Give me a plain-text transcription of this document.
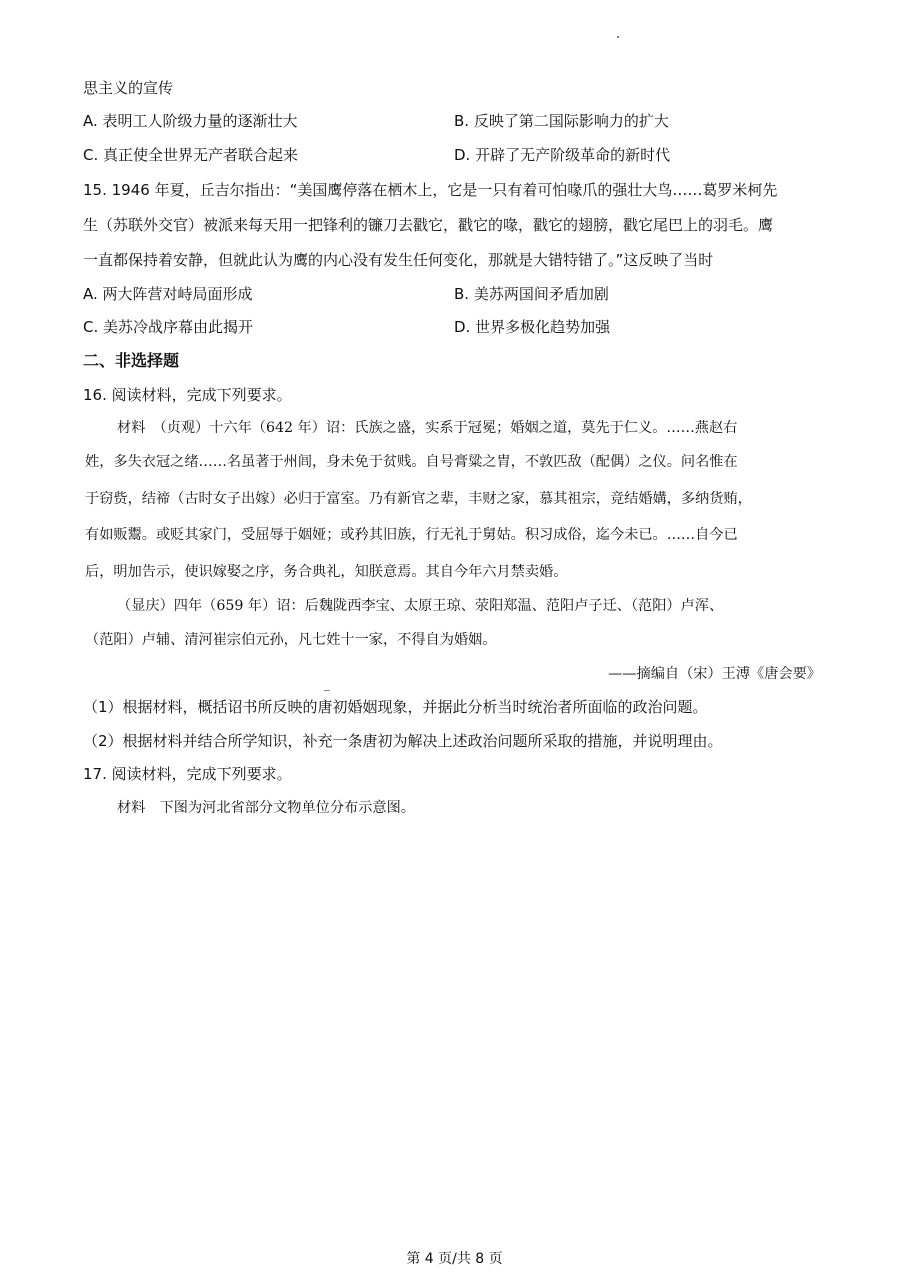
思主义的宣传
A. 表明工人阶级力量的逐渐壮大	B. 反映了第二国际影响力的扩大
C. 真正使全世界无产者联合起来	D. 开辟了无产阶级革命的新时代
15. 1946 年夏，丘吉尔指出：“美国鹰停落在栖木上，它是一只有着可怕喙爪的强壮大鸟……葛罗米柯先
生（苏联外交官）被派来每天用一把锋利的镰刀去戳它，戳它的喙，戳它的翅膀，戳它尾巴上的羽毛。鹰
一直都保持着安静，但就此认为鹰的内心没有发生任何变化，那就是大错特错了。”这反映了当时
A. 两大阵营对峙局面形成	B. 美苏两国间矛盾加剧
C. 美苏冷战序幕由此揭开	D. 世界多极化趋势加强
二、非选择题
16. 阅读材料，完成下列要求。
材料　（贞观）十六年（642 年）诏：氏族之盛，实系于冠冕；婚姻之道，莫先于仁义。……燕赵右
姓，多失衣冠之绪……名虽著于州闾，身未免于贫贱。自号膏粱之胄，不敦匹敌（配偶）之仪。问名惟在
于窃赀，结禘（古时女子出嫁）必归于富室。乃有新官之辈，丰财之家，慕其祖宗，竞结婚媾，多纳货贿，
有如贩鬻。或贬其家门，受屈辱于姻娅；或矜其旧族，行无礼于舅姑。积习成俗，迄今未已。……自今已
后，明加告示，使识嫁娶之序，务合典礼，知朕意焉。其自今年六月禁卖婚。
（显庆）四年（659 年）诏：后魏陇西李宝、太原王琼、荥阳郑温、范阳卢子迁、（范阳）卢浑、
（范阳）卢辅、清河崔宗伯元孙，凡七姓十一家，不得自为婚姻。
——摘编自（宋）王溥《唐会要》
（1）根据材料，概括诏书所反映的唐初婚姻现象，并据此分析当时统治者所面临的政治问题。
（2）根据材料并结合所学知识，补充一条唐初为解决上述政治问题所采取的措施，并说明理由。
17. 阅读材料，完成下列要求。
材料　下图为河北省部分文物单位分布示意图。
第 4 页/共 8 页
